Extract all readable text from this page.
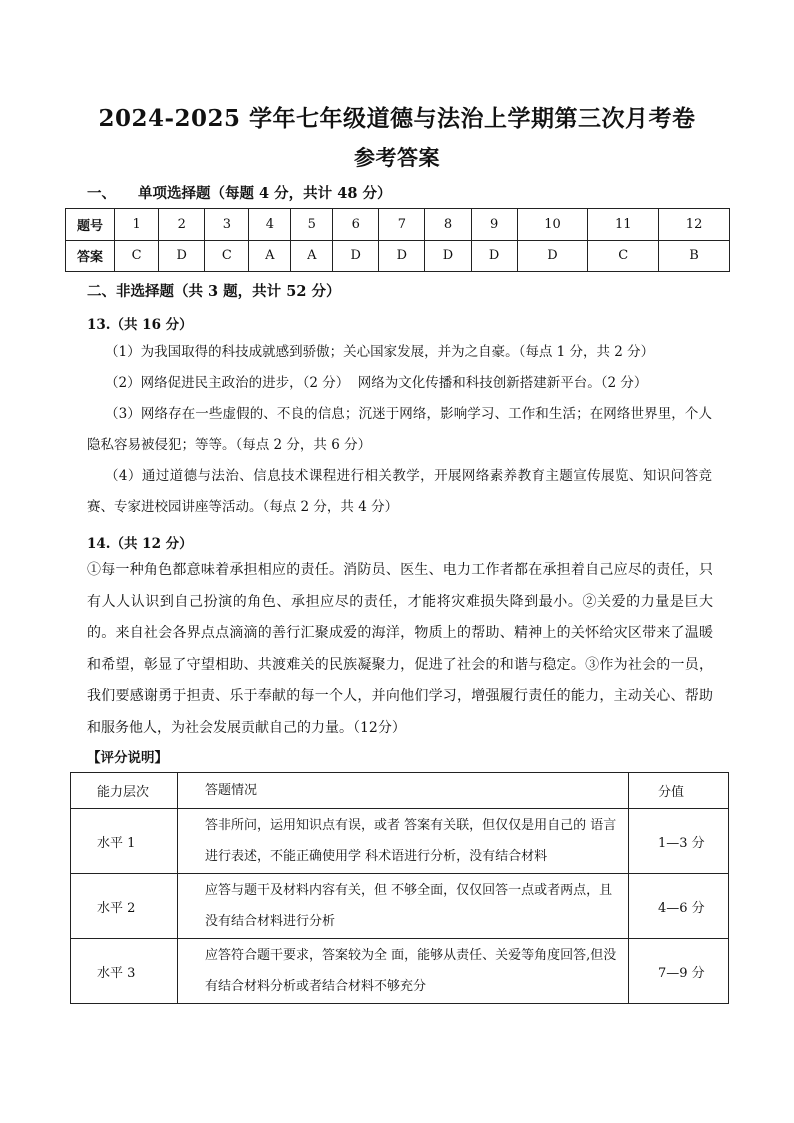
2024-2025 学年七年级道德与法治上学期第三次月考卷
参考答案
一、 单项选择题（每题 4 分，共计 48 分）
题号	1	2	3	4	5	6	7	8	9	10	11	12
答案	C	D	C	A	A	D	D	D	D	D	C	B
二、非选择题（共 3 题，共计 52 分）
13.（共 16 分）
（1）为我国取得的科技成就感到骄傲；关心国家发展，并为之自豪。（每点 1 分，共 2 分）
（2）网络促进民主政治的进步，（2 分）  网络为文化传播和科技创新搭建新平台。（2 分）
（3）网络存在一些虚假的、不良的信息；沉迷于网络，影响学习、工作和生活；在网络世界里，个人隐私容易被侵犯；等等。（每点 2 分，共 6 分）
（4）通过道德与法治、信息技术课程进行相关教学，开展网络素养教育主题宣传展览、知识问答竞赛、专家进校园讲座等活动。（每点 2 分，共 4 分）
14.（共 12 分）
①每一种角色都意味着承担相应的责任。消防员、医生、电力工作者都在承担着自己应尽的责任，只有人人认识到自己扮演的角色、承担应尽的责任，才能将灾难损失降到最小。②关爱的力量是巨大的。来自社会各界点点滴滴的善行汇聚成爱的海洋，物质上的帮助、精神上的关怀给灾区带来了温暖和希望，彰显了守望相助、共渡难关的民族凝聚力，促进了社会的和谐与稳定。③作为社会的一员，我们要感谢勇于担责、乐于奉献的每一个人，并向他们学习，增强履行责任的能力，主动关心、帮助和服务他人，为社会发展贡献自己的力量。（12分）
【评分说明】
能力层次	答题情况	分值
水平 1	答非所问，运用知识点有误，或者 答案有关联，但仅仅是用自己的 语言进行表述，不能正确使用学 科术语进行分析，没有结合材料	1—3 分
水平 2	应答与题干及材料内容有关，但 不够全面，仅仅回答一点或者两点，且没有结合材料进行分析	4—6 分
水平 3	应答符合题干要求，答案较为全 面，能够从责任、关爱等角度回答,但没有结合材料分析或者结合材料不够充分	7—9 分
